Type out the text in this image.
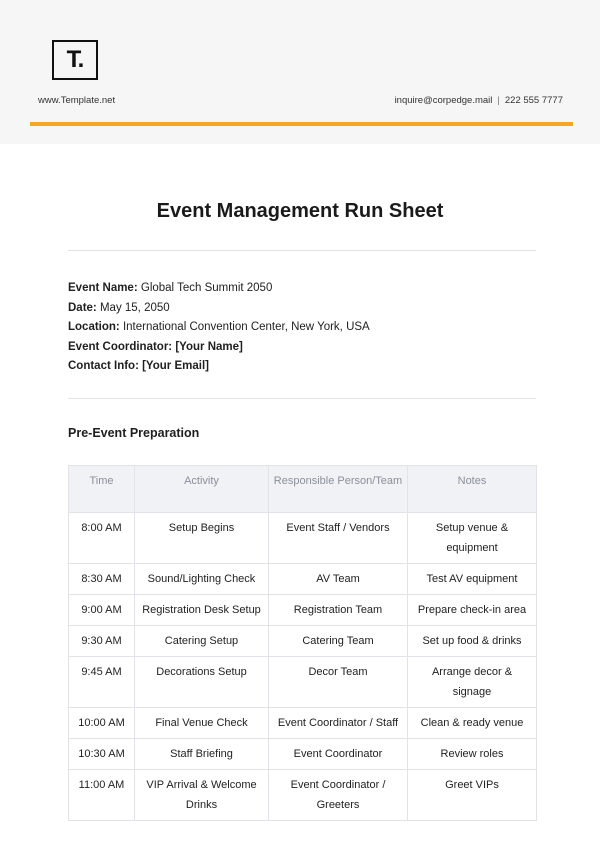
T.
www.Template.net	inquire@corpedge.mail | 222 555 7777
Event Management Run Sheet
Event Name: Global Tech Summit 2050
Date: May 15, 2050
Location: International Convention Center, New York, USA
Event Coordinator: [Your Name]
Contact Info: [Your Email]
Pre-Event Preparation
Time	Activity	Responsible Person/Team	Notes
8:00 AM	Setup Begins	Event Staff / Vendors	Setup venue & equipment
8:30 AM	Sound/Lighting Check	AV Team	Test AV equipment
9:00 AM	Registration Desk Setup	Registration Team	Prepare check-in area
9:30 AM	Catering Setup	Catering Team	Set up food & drinks
9:45 AM	Decorations Setup	Decor Team	Arrange decor & signage
10:00 AM	Final Venue Check	Event Coordinator / Staff	Clean & ready venue
10:30 AM	Staff Briefing	Event Coordinator	Review roles
11:00 AM	VIP Arrival & Welcome Drinks	Event Coordinator / Greeters	Greet VIPs
